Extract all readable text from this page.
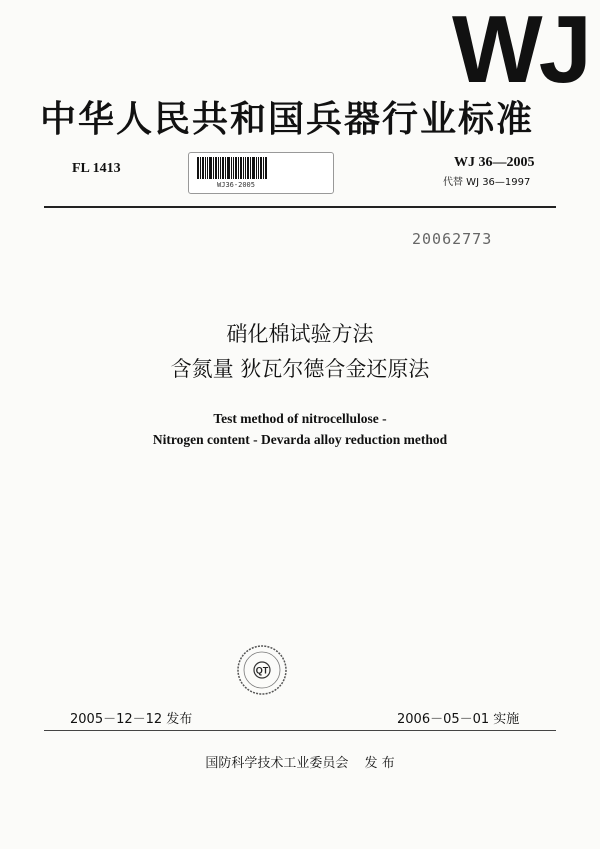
WJ
中华人民共和国兵器行业标准
FL 1413
WJ36-2005
WJ 36—2005
代替 WJ 36—1997
20062773
硝化棉试验方法
含氮量 狄瓦尔德合金还原法
Test method of nitrocellulose -
Nitrogen content - Devarda alloy reduction method
QT
2005－12－12 发布	2006－05－01 实施
国防科学技术工业委员会 发 布
